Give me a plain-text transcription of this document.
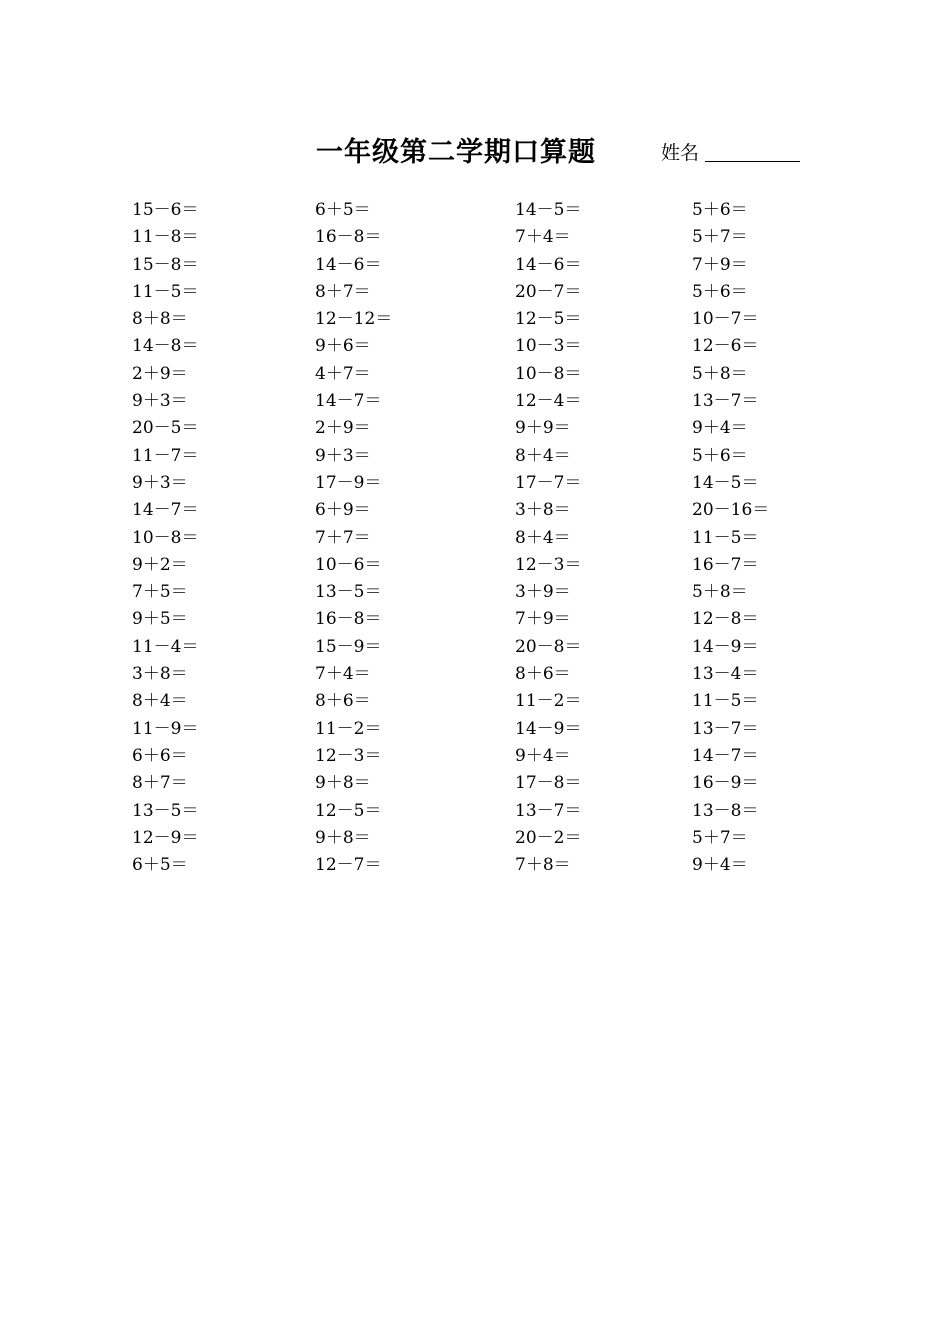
一年级第二学期口算题	姓名
15－6＝
11－8＝
15－8＝
11－5＝
8＋8＝
14－8＝
2＋9＝
9＋3＝
20－5＝
11－7＝
9＋3＝
14－7＝
10－8＝
9＋2＝
7＋5＝
9＋5＝
11－4＝
3＋8＝
8＋4＝
11－9＝
6＋6＝
8＋7＝
13－5＝
12－9＝
6＋5＝
6＋5＝
16－8＝
14－6＝
8＋7＝
12－12＝
9＋6＝
4＋7＝
14－7＝
2＋9＝
9＋3＝
17－9＝
6＋9＝
7＋7＝
10－6＝
13－5＝
16－8＝
15－9＝
7＋4＝
8＋6＝
11－2＝
12－3＝
9＋8＝
12－5＝
9＋8＝
12－7＝
14－5＝
7＋4＝
14－6＝
20－7＝
12－5＝
10－3＝
10－8＝
12－4＝
9＋9＝
8＋4＝
17－7＝
3＋8＝
8＋4＝
12－3＝
3＋9＝
7＋9＝
20－8＝
8＋6＝
11－2＝
14－9＝
9＋4＝
17－8＝
13－7＝
20－2＝
7＋8＝
5＋6＝
5＋7＝
7＋9＝
5＋6＝
10－7＝
12－6＝
5＋8＝
13－7＝
9＋4＝
5＋6＝
14－5＝
20－16＝
11－5＝
16－7＝
5＋8＝
12－8＝
14－9＝
13－4＝
11－5＝
13－7＝
14－7＝
16－9＝
13－8＝
5＋7＝
9＋4＝
